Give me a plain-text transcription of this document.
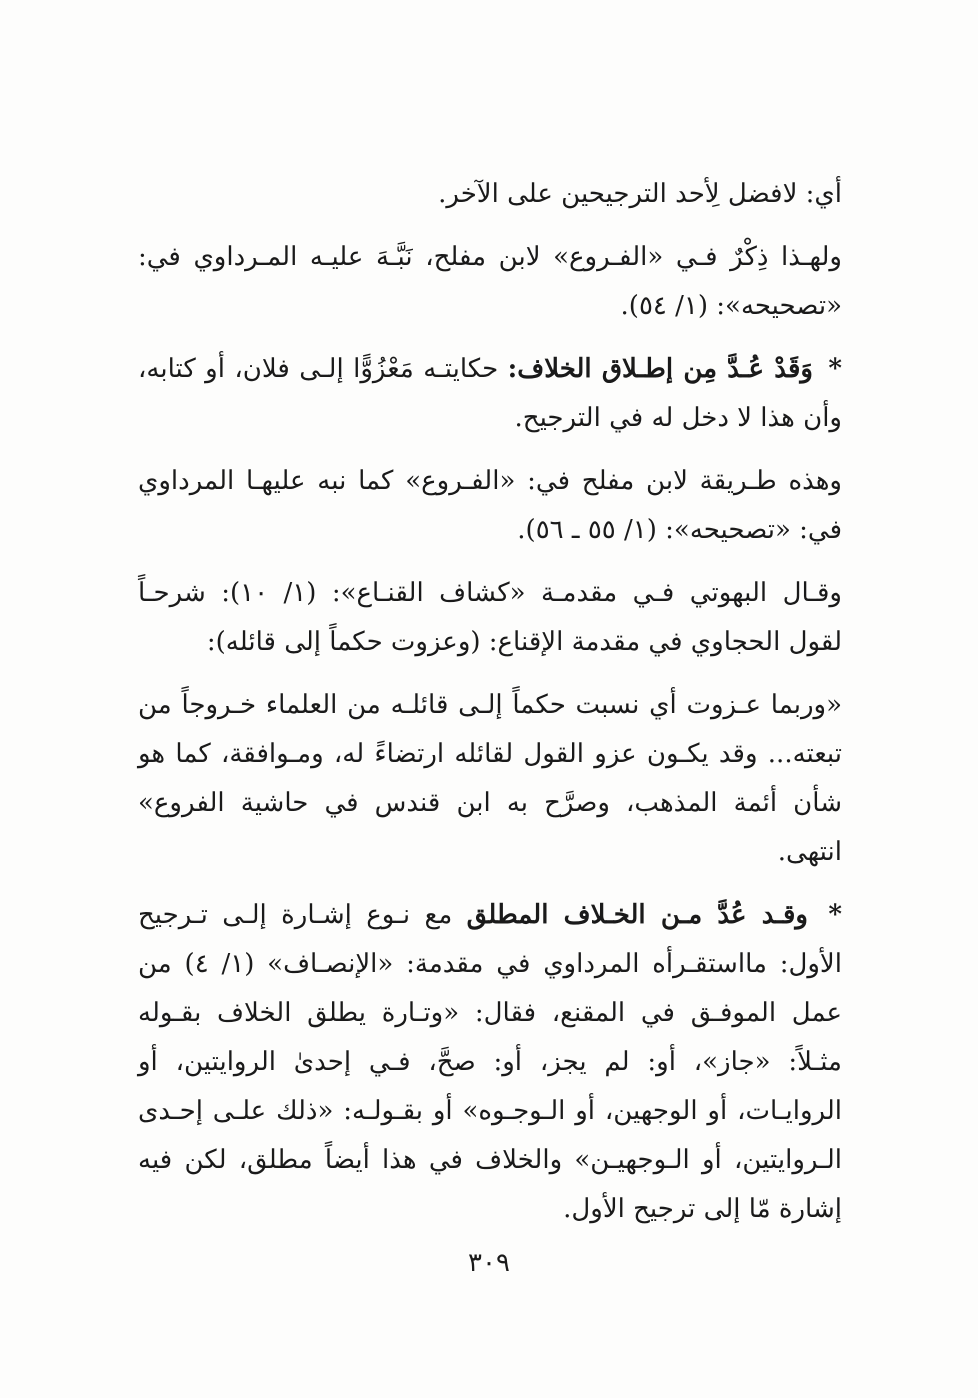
أي: لافضل لِأحد الترجيحين على الآخر.

ولهـذا ذِكْرٌ فـي «الفـروع» لابن مفلح، نَبَّـهَ عليـه المـرداوي في: «تصحيحه»: (١/ ٥٤).

* وَقَدْ عُـدَّ مِن إطـلاق الخلاف: حكايتـه مَعْزُوًّا إلـى فلان، أو كتابه، وأن هذا لا دخل له في الترجيح.

وهذه طـريقة لابن مفلح في: «الفـروع» كما نبه عليهـا المرداوي في: «تصحيحه»: (١/ ٥٥ ـ ٥٦).

وقـال البهوتي فـي مقدمـة «كشاف القنـاع»: (١/ ١٠): شرحـاً لقول الحجاوي في مقدمة الإقناع: (وعزوت حكماً إلى قائله):

«وربما عـزوت أي نسبت حكماً إلـى قائلـه من العلماء خـروجاً من تبعته... وقد يكـون عزو القول لقائله ارتضاءً له، ومـوافقة، كما هو شأن أئمة المذهب، وصرَّح به ابن قندس في حاشية الفروع» انتهى.

* وقـد عُدَّ مـن الخـلاف المطلق مع نـوع إشـارة إلـى تـرجيح الأول: مااستقـرأه المرداوي في مقدمة: «الإنصـاف» (١/ ٤) من عمل الموفـق في المقنع، فقال: «وتـارة يطلق الخلاف بقـوله مثـلاً: «جاز»، أو: لم يجز، أو: صحَّ، فـي إحدىٰ الروايتين، أو الروايـات، أو الوجهين، أو الـوجـوه» أو بقـولـه: «ذلك علـى إحـدى الـروايتين، أو الـوجهيـن» والخلاف في هذا أيضاً مطلق، لكن فيه إشارة مّا إلى ترجيح الأول.

٣٠٩
